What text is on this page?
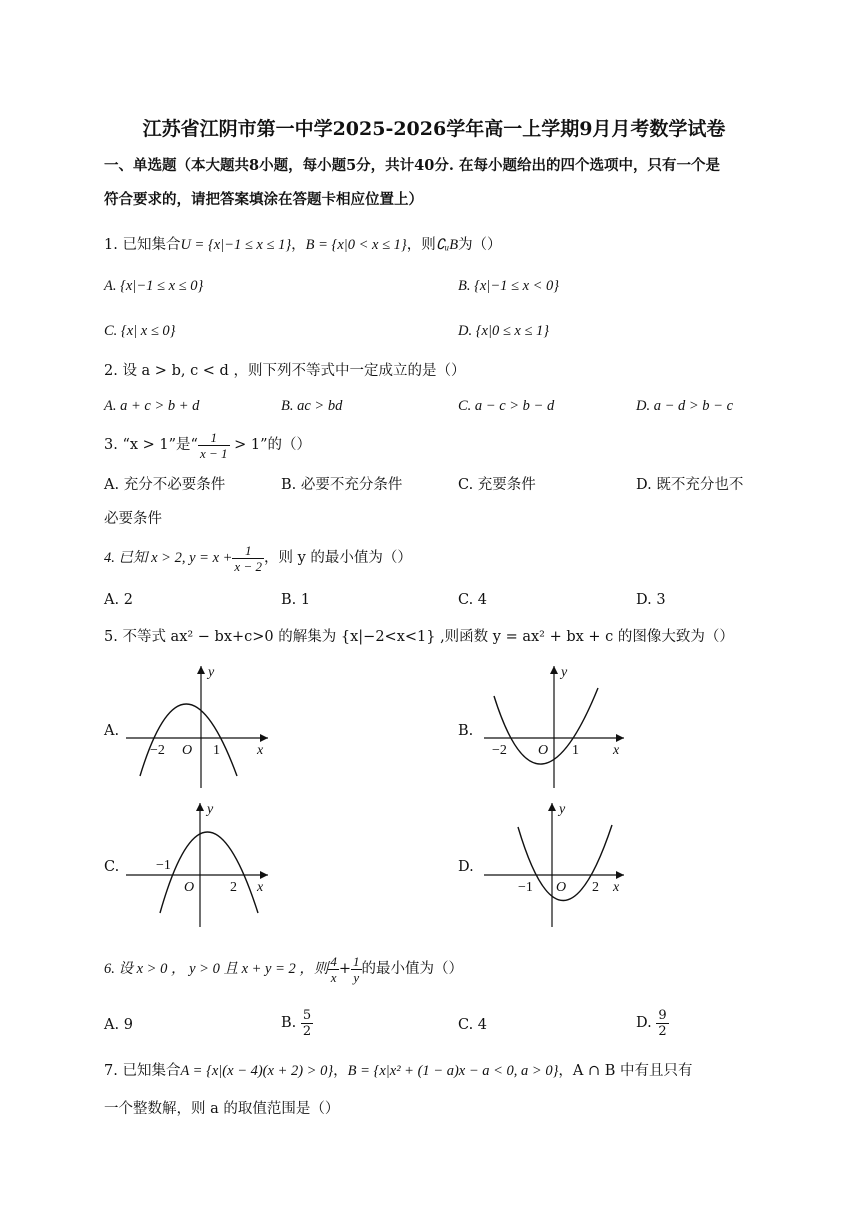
江苏省江阴市第一中学2025-2026学年高一上学期9月月考数学试卷
一、单选题（本大题共8小题，每小题5分，共计40分. 在每小题给出的四个选项中，只有一个是
符合要求的，请把答案填涂在答题卡相应位置上）
1. 已知集合U = {x|−1 ≤ x ≤ 1}，B = {x|0 < x ≤ 1}，则∁ᵤB为（）
A. {x|−1 ≤ x ≤ 0}	B. {x|−1 ≤ x < 0}
C. {x| x ≤ 0}	D. {x|0 ≤ x ≤ 1}
2. 设 a > b, c < d ，则下列不等式中一定成立的是（）
A. a + c > b + d	B. ac > bd	C. a − c > b − d	D. a − d > b − c
3. “x > 1”是“ $\frac{1}{x - 1} > 1$”的（）
A. 充分不必要条件	B. 必要不充分条件	C. 充要条件	D. 既不充分也不
必要条件
4. 已知 x > 2, $y = x + \frac{1}{x - 2}$ ，则 y 的最小值为（）
A. 2	B. 1	C. 4	D. 3
5. 不等式 ax² − bx+c>0 的解集为 {x|−2<x<1} ,则函数 y = ax² + bx + c 的图像大致为（）
A.	B.
C.	D.
y
x
−2 O 1
y
x
−2 O 1
y
x
−1
O	2
y
x
−1 O 2
6. 设 x > 0 ， y > 0 且 x + y = 2 ，则 $\frac{4}{x} + \frac{1}{y}$ 的最小值为（）
A. 9	B. $\frac{5}{2}$	C. 4	D. $\frac{9}{2}$
7. 已知集合A = {x|(x − 4)(x + 2) > 0}，B = {x|x² + (1 − a)x − a < 0, a > 0}，A ∩ B 中有且只有
一个整数解，则 a 的取值范围是（）
